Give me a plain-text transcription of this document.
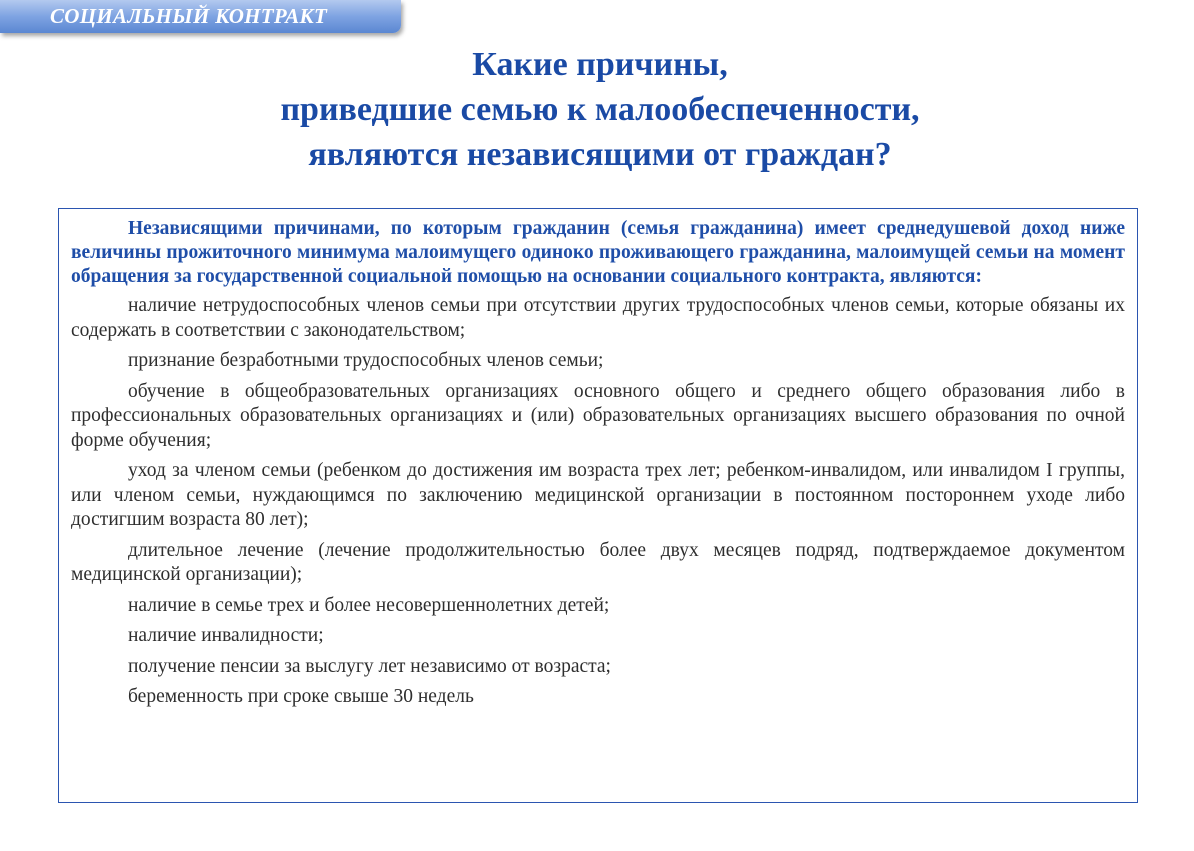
СОЦИАЛЬНЫЙ КОНТРАКТ
Какие причины,
приведшие семью к малообеспеченности,
являются независящими от граждан?

Независящими причинами, по которым гражданин (семья гражданина) имеет среднедушевой доход ниже величины прожиточного минимума малоимущего одиноко проживающего гражданина, малоимущей семьи на момент обращения за государственной социальной помощью на основании социального контракта, являются:

наличие нетрудоспособных членов семьи при отсутствии других трудоспособных членов семьи, которые обязаны их содержать в соответствии с законодательством;

признание безработными трудоспособных членов семьи;

обучение в общеобразовательных организациях основного общего и среднего общего образования либо в профессиональных образовательных организациях и (или) образовательных организациях высшего образования по очной форме обучения;

уход за членом семьи (ребенком до достижения им возраста трех лет; ребенком-инвалидом, или инвалидом I группы, или членом семьи, нуждающимся по заключению медицинской организации в постоянном постороннем уходе либо достигшим возраста 80 лет);

длительное лечение (лечение продолжительностью более двух месяцев подряд, подтверждаемое документом медицинской организации);

наличие в семье трех и более несовершеннолетних детей;

наличие инвалидности;

получение пенсии за выслугу лет независимо от возраста;

беременность при сроке свыше 30 недель
